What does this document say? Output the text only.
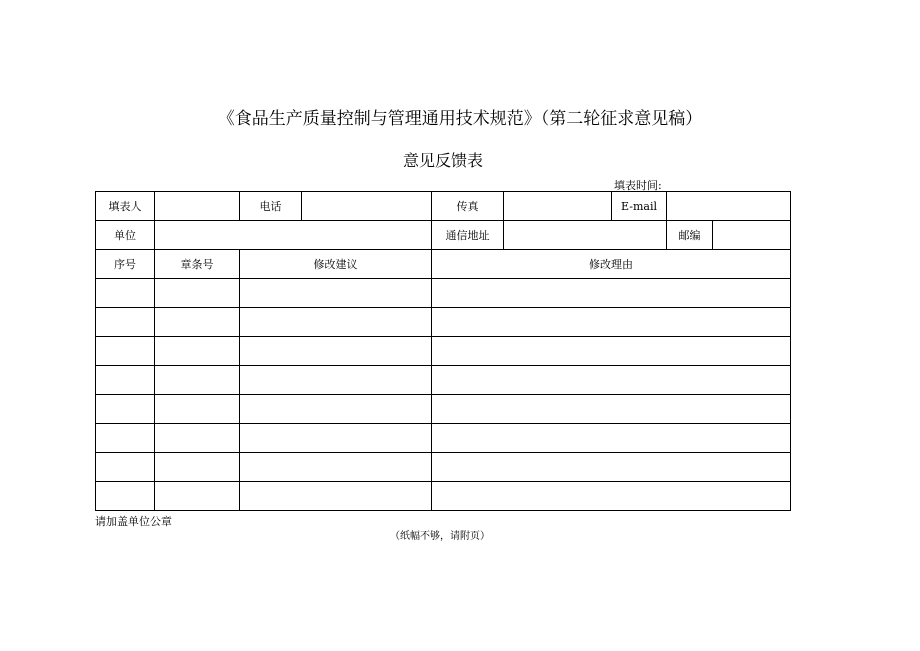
《食品生产质量控制与管理通用技术规范》（第二轮征求意见稿）
意见反馈表
填表时间:
填表人		电话		传真		E-mail		
单位				通信地址			邮编	
序号	章条号	修改建议		修改理由				

请加盖单位公章
（纸幅不够，请附页）
